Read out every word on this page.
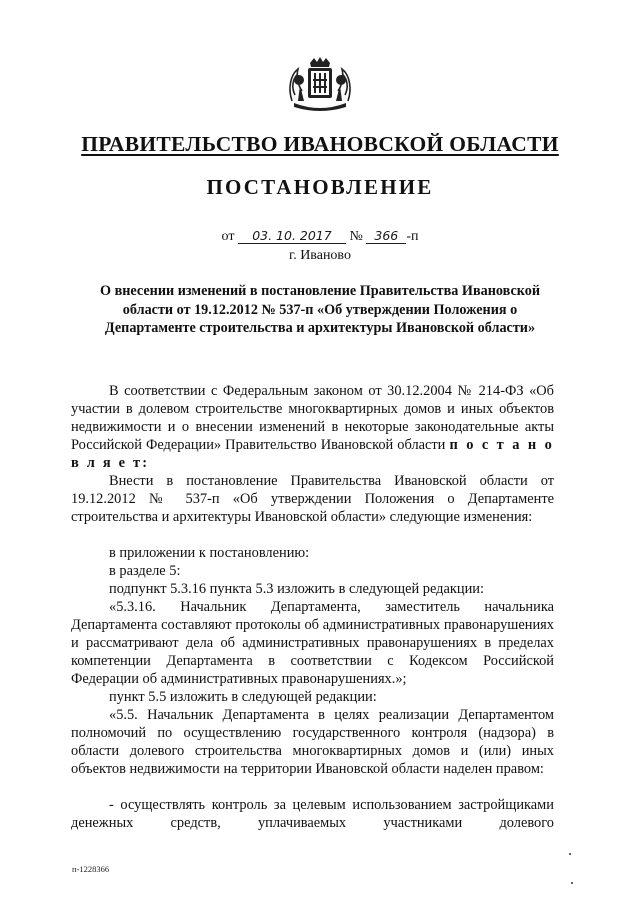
ПРАВИТЕЛЬСТВО ИВАНОВСКОЙ ОБЛАСТИ
ПОСТАНОВЛЕНИЕ
от 03. 10. 2017 № 366 -п
г. Иваново
О внесении изменений в постановление Правительства Ивановской области от 19.12.2012 № 537-п «Об утверждении Положения о Департаменте строительства и архитектуры Ивановской области»
В соответствии с Федеральным законом от 30.12.2004 № 214-ФЗ «Об участии в долевом строительстве многоквартирных домов и иных объектов недвижимости и о внесении изменений в некоторые законодательные акты Российской Федерации» Правительство Ивановской области п о с т а н о в л я е т:
Внести в постановление Правительства Ивановской области от 19.12.2012 № 537-п «Об утверждении Положения о Департаменте строительства и архитектуры Ивановской области» следующие изменения:
в приложении к постановлению:
в разделе 5:
подпункт 5.3.16 пункта 5.3 изложить в следующей редакции:
«5.3.16. Начальник Департамента, заместитель начальника Департамента составляют протоколы об административных правонарушениях и рассматривают дела об административных правонарушениях в пределах компетенции Департамента в соответствии с Кодексом Российской Федерации об административных правонарушениях.»;
пункт 5.5 изложить в следующей редакции:
«5.5. Начальник Департамента в целях реализации Департаментом полномочий по осуществлению государственного контроля (надзора) в области долевого строительства многоквартирных домов и (или) иных объектов недвижимости на территории Ивановской области наделен правом:
- осуществлять контроль за целевым использованием застройщиками денежных средств, уплачиваемых участниками долевого
п-1228366
